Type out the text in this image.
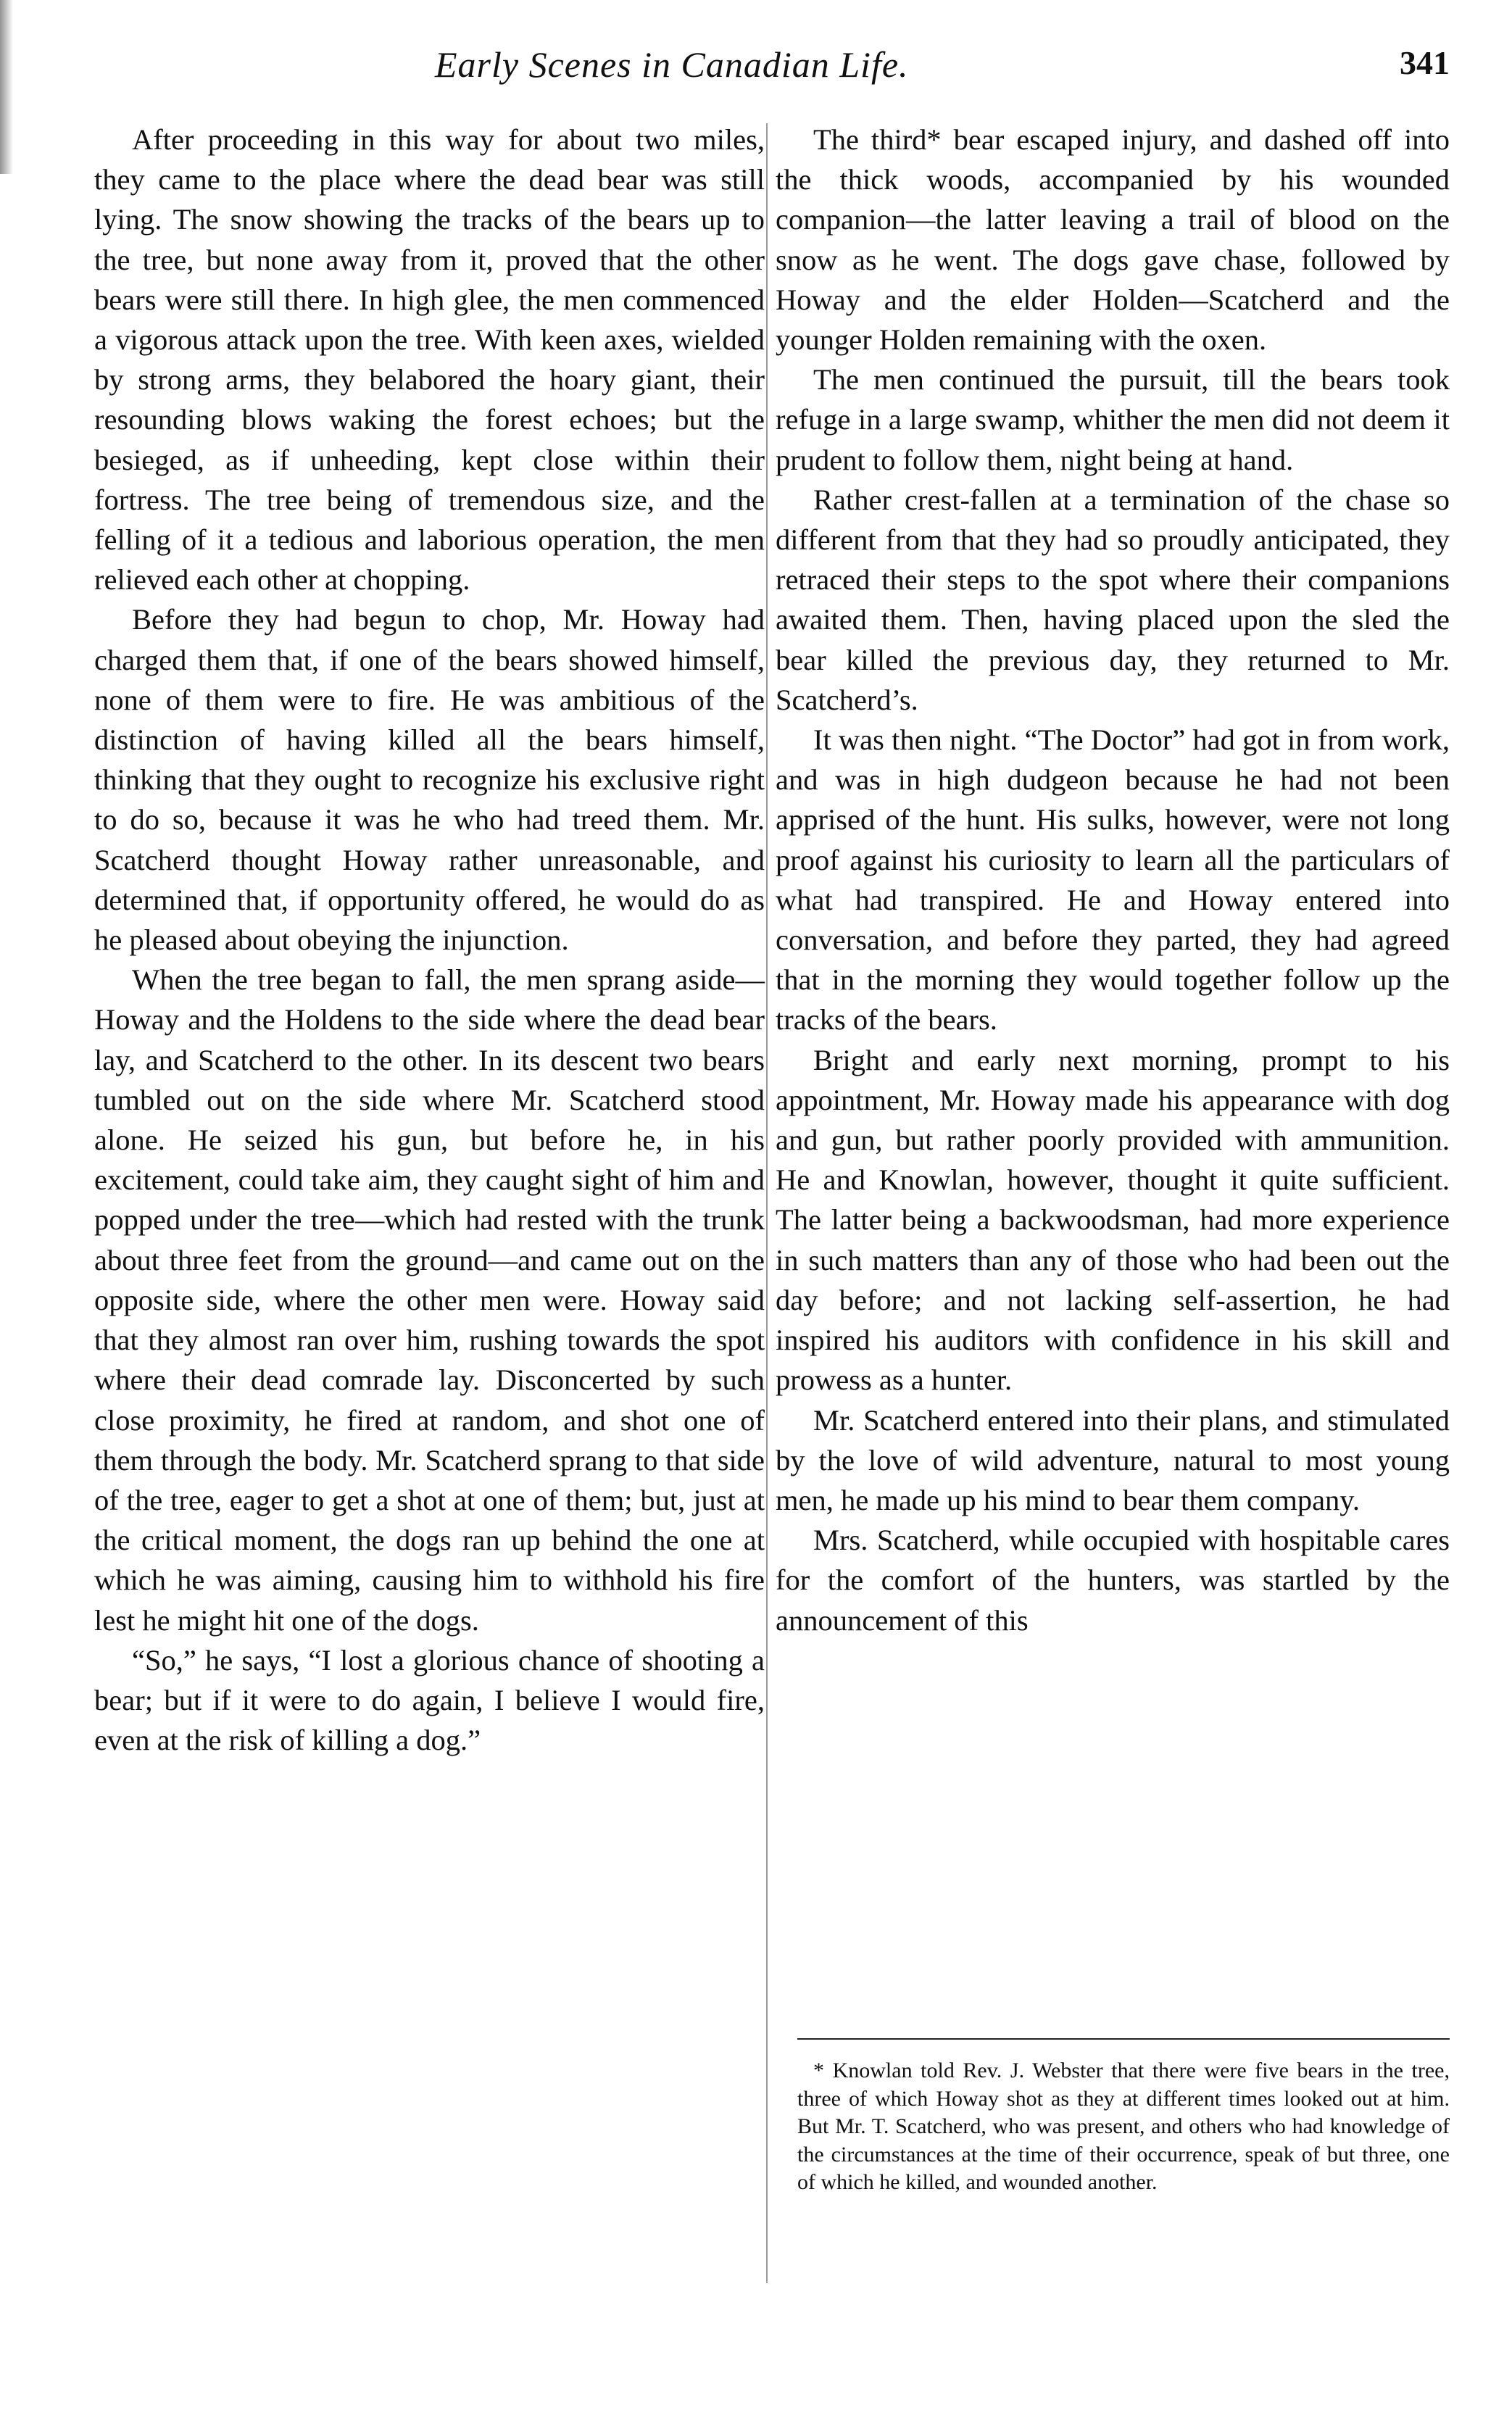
Early Scenes in Canadian Life.	341

After proceeding in this way for about two miles, they came to the place where the dead bear was still lying. The snow showing the tracks of the bears up to the tree, but none away from it, proved that the other bears were still there. In high glee, the men commenced a vigorous attack upon the tree. With keen axes, wielded by strong arms, they belabored the hoary giant, their resounding blows waking the forest echoes; but the besieged, as if unheeding, kept close within their fortress. The tree being of tremendous size, and the felling of it a tedious and laborious operation, the men relieved each other at chopping.

Before they had begun to chop, Mr. Howay had charged them that, if one of the bears showed himself, none of them were to fire. He was ambitious of the distinction of having killed all the bears himself, thinking that they ought to recognize his exclusive right to do so, because it was he who had treed them. Mr. Scatcherd thought Howay rather unreasonable, and determined that, if opportunity offered, he would do as he pleased about obeying the injunction.

When the tree began to fall, the men sprang aside—Howay and the Holdens to the side where the dead bear lay, and Scatcherd to the other. In its descent two bears tumbled out on the side where Mr. Scatcherd stood alone. He seized his gun, but before he, in his excitement, could take aim, they caught sight of him and popped under the tree—which had rested with the trunk about three feet from the ground—and came out on the opposite side, where the other men were. Howay said that they almost ran over him, rushing towards the spot where their dead comrade lay. Disconcerted by such close proximity, he fired at random, and shot one of them through the body. Mr. Scatcherd sprang to that side of the tree, eager to get a shot at one of them; but, just at the critical moment, the dogs ran up behind the one at which he was aiming, causing him to withhold his fire lest he might hit one of the dogs.

“So,” he says, “I lost a glorious chance of shooting a bear; but if it were to do again, I believe I would fire, even at the risk of killing a dog.”

The third* bear escaped injury, and dashed off into the thick woods, accompanied by his wounded companion—the latter leaving a trail of blood on the snow as he went. The dogs gave chase, followed by Howay and the elder Holden—Scatcherd and the younger Holden remaining with the oxen.

The men continued the pursuit, till the bears took refuge in a large swamp, whither the men did not deem it prudent to follow them, night being at hand.

Rather crest-fallen at a termination of the chase so different from that they had so proudly anticipated, they retraced their steps to the spot where their companions awaited them. Then, having placed upon the sled the bear killed the previous day, they returned to Mr. Scatcherd’s.

It was then night. “The Doctor” had got in from work, and was in high dudgeon because he had not been apprised of the hunt. His sulks, however, were not long proof against his curiosity to learn all the particulars of what had transpired. He and Howay entered into conversation, and before they parted, they had agreed that in the morning they would together follow up the tracks of the bears.

Bright and early next morning, prompt to his appointment, Mr. Howay made his appearance with dog and gun, but rather poorly provided with ammunition. He and Knowlan, however, thought it quite sufficient. The latter being a backwoodsman, had more experience in such matters than any of those who had been out the day before; and not lacking self-assertion, he had inspired his auditors with confidence in his skill and prowess as a hunter.

Mr. Scatcherd entered into their plans, and stimulated by the love of wild adventure, natural to most young men, he made up his mind to bear them company.

Mrs. Scatcherd, while occupied with hospitable cares for the comfort of the hunters, was startled by the announcement of this

* Knowlan told Rev. J. Webster that there were five bears in the tree, three of which Howay shot as they at different times looked out at him. But Mr. T. Scatcherd, who was present, and others who had knowledge of the circumstances at the time of their occurrence, speak of but three, one of which he killed, and wounded another.
